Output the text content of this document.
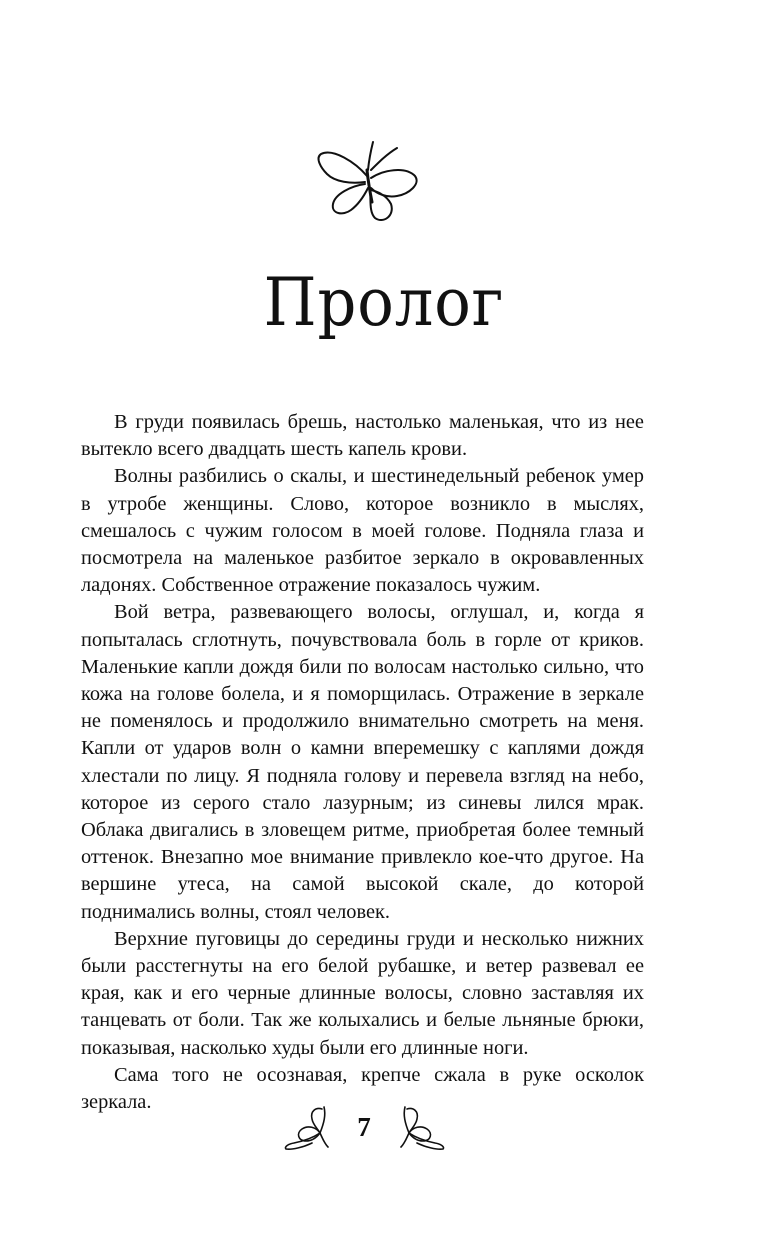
Пролог

В груди появилась брешь, настолько маленькая, что из нее вытекло всего двадцать шесть капель крови.

Волны разбились о скалы, и шестинедельный ребенок умер в утробе женщины. Слово, которое возникло в мыслях, смешалось с чужим голосом в моей голове. Подняла глаза и посмотрела на маленькое разбитое зеркало в окровавленных ладонях. Собственное отражение показалось чужим.

Вой ветра, развевающего волосы, оглушал, и, когда я попыталась сглотнуть, почувствовала боль в горле от криков. Маленькие капли дождя били по волосам настолько сильно, что кожа на голове болела, и я поморщилась. Отражение в зеркале не поменялось и продолжило внимательно смотреть на меня. Капли от ударов волн о камни вперемешку с каплями дождя хлестали по лицу. Я подняла голову и перевела взгляд на небо, которое из серого стало лазурным; из синевы лился мрак. Облака двигались в зловещем ритме, приобретая более темный оттенок. Внезапно мое внимание привлекло кое-что другое. На вершине утеса, на самой высокой скале, до которой поднимались волны, стоял человек.

Верхние пуговицы до середины груди и несколько нижних были расстегнуты на его белой рубашке, и ветер развевал ее края, как и его черные длинные волосы, словно заставляя их танцевать от боли. Так же колыхались и белые льняные брюки, показывая, насколько худы были его длинные ноги.

Сама того не осознавая, крепче сжала в руке осколок зеркала.

7
